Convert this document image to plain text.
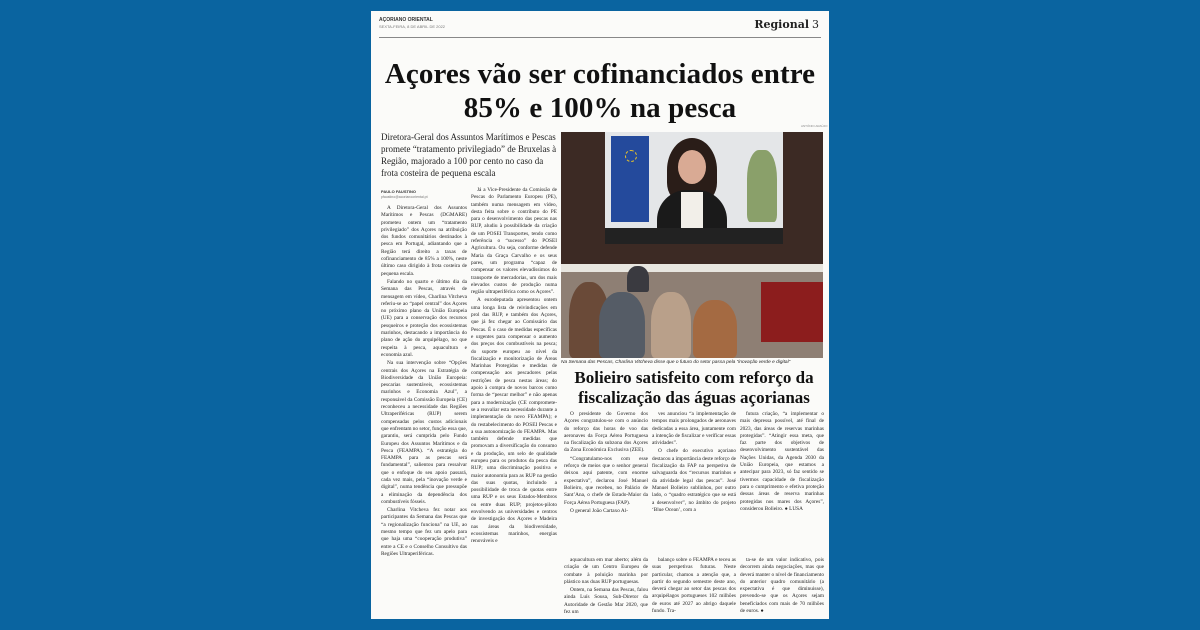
AÇORIANO ORIENTAL
SEXTA-FEIRA, 8 DE ABRIL DE 2022	Regional 3
Açores vão ser cofinanciados entre 85% e 100% na pesca
Diretora-Geral dos Assuntos Marítimos e Pescas promete “tratamento privilegiado” de Bruxelas à Região, majorado a 100 por cento no caso da frota costeira de pequena escala
PAULO FAUSTINO
pfaustino@acorianooriental.pt

A Diretora-Geral dos Assuntos Marítimos e Pescas (DGMARE) prometeu ontem um “tratamento privilegiado” dos Açores na atribuição dos fundos comunitários destinados à pesca em Portugal, adiantando que a Região terá direito a taxas de cofinanciamento de 85% a 100%, neste último caso dirigido à frota costeira de pequena escala.

Falando no quarto e último dia da Semana das Pescas, através de mensagem em vídeo, Charlina Vitcheva referiu-se ao “papel central” dos Açores no próximo plano da União Europeia (UE) para a conservação dos recursos pesqueiros e proteção dos ecossistemas marinhos, destacando a importância do plano de ação do arquipélago, no que respeita à pesca, aquacultura e economia azul.

Na sua intervenção sobre “Opções centrais dos Açores na Estratégia de Biodiversidade da União Europeia: pescarias sustentáveis, ecossistemas marinhos e Economia Azul”, a responsável da Comissão Europeia (CE) reconheceu a necessidade das Regiões Ultraperiféricas (RUP) serem compensadas pelos custos adicionais que enfrentam no setor, função essa que, garantiu, será cumprida pelo Fundo Europeu dos Assuntos Marítimos e da Pesca (FEAMPA). “A estratégia do FEAMPA para as pescas será fundamental”, salientou para ressalvar que o enfoque do seu apoio passará, cada vez mais, pela “inovação verde e digital”, numa tendência que pressupõe a eliminação da dependência dos combustíveis fósseis.

Charlina Vitcheva fez notar aos participantes da Semana das Pescas que “a regionalização funciona” na UE, ao mesmo tempo que fez um apelo para que haja uma “cooperação produtiva” entre a CE e o Conselho Consultivo das Regiões Ultraperiféricas.

Já a Vice-Presidente da Comissão de Pescas do Parlamento Europeu (PE), também numa mensagem em vídeo, desta feita sobre o contributo do PE para o desenvolvimento das pescas nas RUP, aludiu à possibilidade da criação de um POSEI Transportes, tendo como referência o “sucesso” do POSEI Agricultura. Ou seja, conforme defende Maria da Graça Carvalho e os seus pares, um programa “capaz de compensar os valores elevadíssimos do transporte de mercadorias, um dos mais elevados custos de produção numa região ultraperiférica como os Açores”.

A eurodeputada apresentou ontem uma longa lista de reivindicações em prol das RUP, e também dos Açores, que já fez chegar ao Comissário das Pescas. É o caso de medidas específicas e urgentes para compensar o aumento dos preços dos combustíveis na pesca; do suporte europeu ao nível da fiscalização e monitorização de Áreas Marinhas Protegidas e medidas de compensação aos pescadores pelas restrições de pesca nestas áreas; do apoio à compra de novos barcos como forma de “pescar melhor” e não apenas para a modernização (CE compromete-se a reavaliar esta necessidade durante a implementação do novo FEAMPA); e do restabelecimento do POSEI Pescas e a sua autonomização do FEAMPA. Mas também defende medidas que promovam a diversificação do consumo e da produção, um selo de qualidade europeu para os produtos da pesca das RUP; uma discriminação positiva e maior autonomia para as RUP na gestão das suas quotas, incluindo a possibilidade de troca de quotas entre uma RUP e os seus Estados-Membros ou entre duas RUP; projetos-piloto envolvendo as universidades e centros de investigação dos Açores e Madeira nas áreas da biodiversidade, ecossistemas marinhos, energias renováveis e

ANTÓNIO ARAÚJO
Na Semana das Pescas, Charlina Vitcheva disse que o futuro do setor passa pela “inovação verde e digital”
Bolieiro satisfeito com reforço da fiscalização das águas açorianas

O presidente do Governo dos Açores congratulou-se com o anúncio do reforço das horas de voo das aeronaves da Força Aérea Portuguesa na fiscalização da subzona dos Açores da Zona Económica Exclusiva (ZEE).

“Congratulamo-nos com esse reforço de meios que o senhor general deixou aqui patente, com enorme expectativa”, declarou José Manuel Bolieiro, que recebeu, no Palácio de Sant’Ana, o chefe de Estado-Maior da Força Aérea Portuguesa (FAP).

O general João Cartaxo Al-

ves anunciou “a implementação de tempos mais prolongados de aeronaves dedicadas a essa área, juntamente com a intenção de fiscalizar e verificar essas atividades”.

O chefe do executivo açoriano destacou a importância deste reforço de fiscalização da FAP na perspetiva de salvaguarda dos “recursos marinhos e da atividade legal das pescas”. José Manuel Bolieiro sublinhou, por outro lado, o “quadro estratégico que se está a desenvolver”, no âmbito do projeto ‘Blue Ocean’, com a

futura criação, “a implementar o mais depressa possível, até final de 2023, das áreas de reservas marinhas protegidas”. “Atingir essa meta, que faz parte dos objetivos de desenvolvimento sustentável das Nações Unidas, da Agenda 2030 da União Europeia, que estamos a antecipar para 2023, só faz sentido se tivermos capacidade de fiscalização para o cumprimento e efetiva proteção dessas áreas de reserva marinhas protegidas nos mares dos Açores”, considerou Bolieiro. ● LUSA

aquacultura em mar aberto; além da criação de um Centro Europeu de combate à poluição marinha por plástico nas duas RUP portuguesas.

Ontem, na Semana das Pescas, falou ainda Luís Sousa, Sub-Diretor da Autoridade de Gestão Mar 2020, que fez um

balanço sobre o FEAMPA e teceu as suas perspetivas futuras. Neste particular, chamou a atenção que, a partir do segundo semestre deste ano, deverá chegar ao setor das pescas dos arquipélagos portugueses 102 milhões de euros até 2027 ao abrigo daquele fundo. Tra-

ta-se de um valor indicativo, pois decorrem ainda negociações, mas que deverá manter o nível de financiamento do anterior quadro comunitário (a expectativa é que diminuisse), prevendo-se que os Açores sejam beneficiados com mais de 70 milhões de euros. ●
